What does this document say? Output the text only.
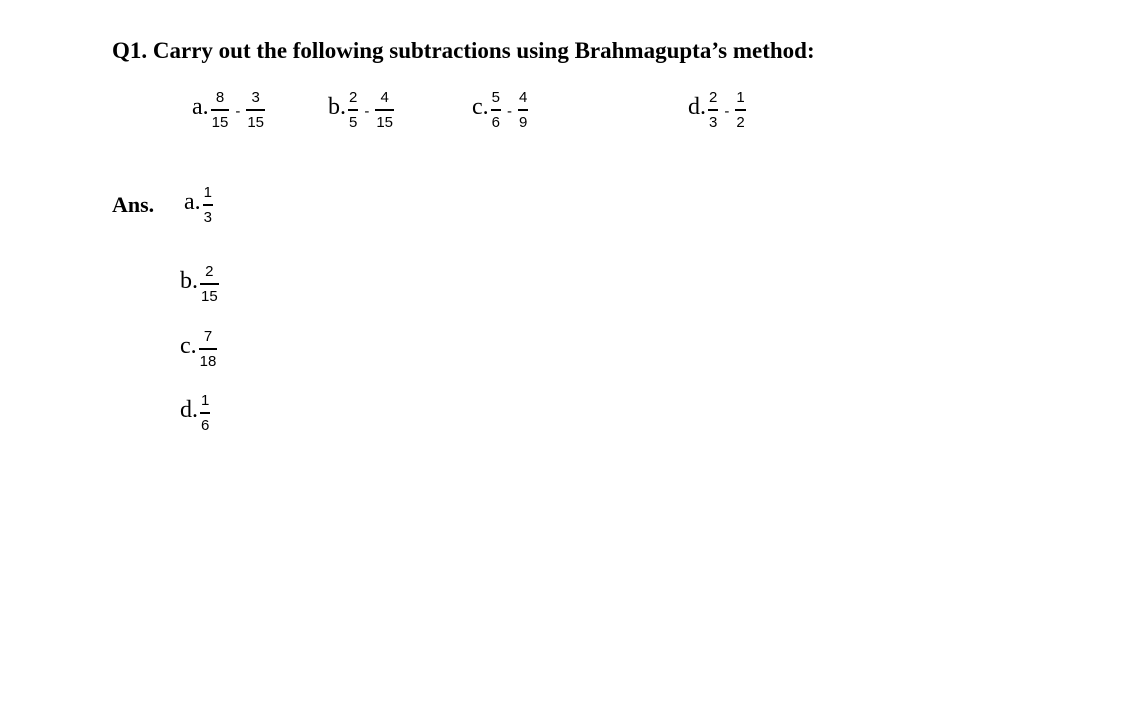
Q1. Carry out the following subtractions using Brahmagupta’s method:
a. $\frac{8}{15} - \frac{3}{15}$	b. $\frac{2}{5} - \frac{4}{15}$	c. $\frac{5}{6} - \frac{4}{9}$	d. $\frac{2}{3} - \frac{1}{2}$
Ans. a. $\frac{1}{3}$
b. $\frac{2}{15}$
c. $\frac{7}{18}$
d. $\frac{1}{6}$
